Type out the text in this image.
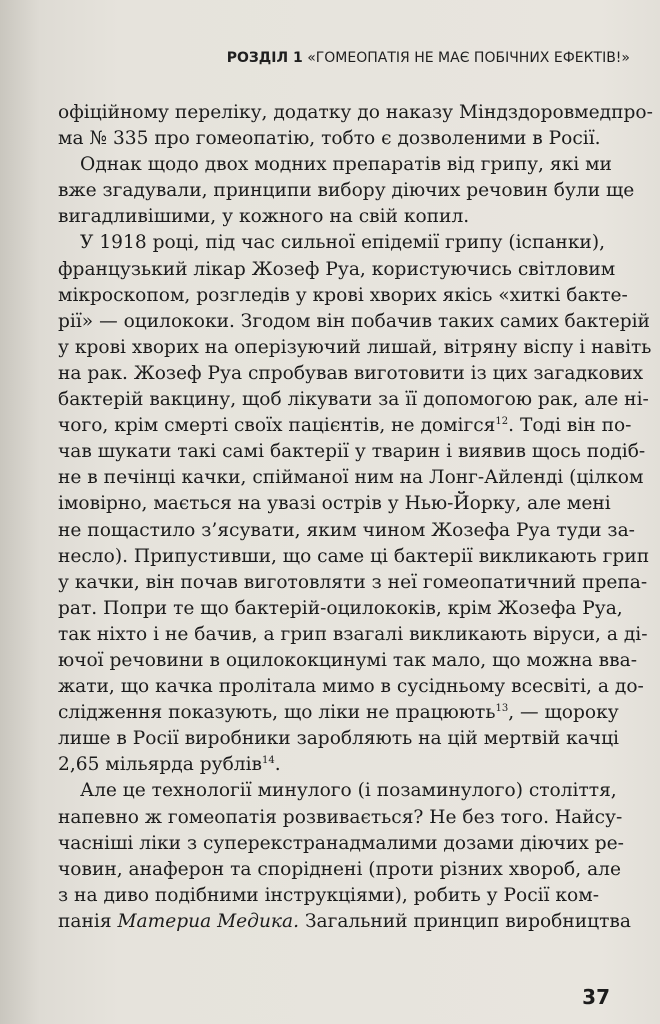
РОЗДІЛ 1 «ГОМЕОПАТІЯ НЕ МАЄ ПОБІЧНИХ ЕФЕКТІВ!»

офіційному переліку, додатку до наказу Міндздоровмедпро-
ма № 335 про гомеопатію, тобто є дозволеними в Росії.

Однак щодо двох модних препаратів від грипу, які ми
вже згадували, принципи вибору діючих речовин були ще
вигадливішими, у кожного на свій копил.

У 1918 році, під час сильної епідемії грипу (іспанки),
французький лікар Жозеф Руа, користуючись світловим
мікроскопом, розгледів у крові хворих якісь «хиткі бакте-
рії» — оцилококи. Згодом він побачив таких самих бактерій
у крові хворих на оперізуючий лишай, вітряну віспу і навіть
на рак. Жозеф Руа спробував виготовити із цих загадкових
бактерій вакцину, щоб лікувати за її допомогою рак, але ні-
чого, крім смерті своїх пацієнтів, не домігся$^{12}$. Тоді він по-
чав шукати такі самі бактерії у тварин і виявив щось подіб-
не в печінці качки, спійманої ним на Лонг-Айленді (цілком
імовірно, мається на увазі острів у Нью-Йорку, але мені
не пощастило з’ясувати, яким чином Жозефа Руа туди за-
несло). Припустивши, що саме ці бактерії викликають грип
у качки, він почав виготовляти з неї гомеопатичний препа-
рат. Попри те що бактерій-оцилококів, крім Жозефа Руа,
так ніхто і не бачив, а грип взагалі викликають віруси, а ді-
ючої речовини в оцилококцинумі так мало, що можна вва-
жати, що качка пролітала мимо в сусідньому всесвіті, а до-
слідження показують, що ліки не працюють$^{13}$, — щороку
лише в Росії виробники заробляють на цій мертвій качці
2,65 мільярда рублів$^{14}$.

Але це технології минулого (і позаминулого) століття,
напевно ж гомеопатія розвивається? Не без того. Найсу-
часніші ліки з суперекстранадмалими дозами діючих ре-
човин, анаферон та споріднені (проти різних хвороб, але
з на диво подібними інструкціями), робить у Росії ком-
панія Материа Медика. Загальний принцип виробництва

37
